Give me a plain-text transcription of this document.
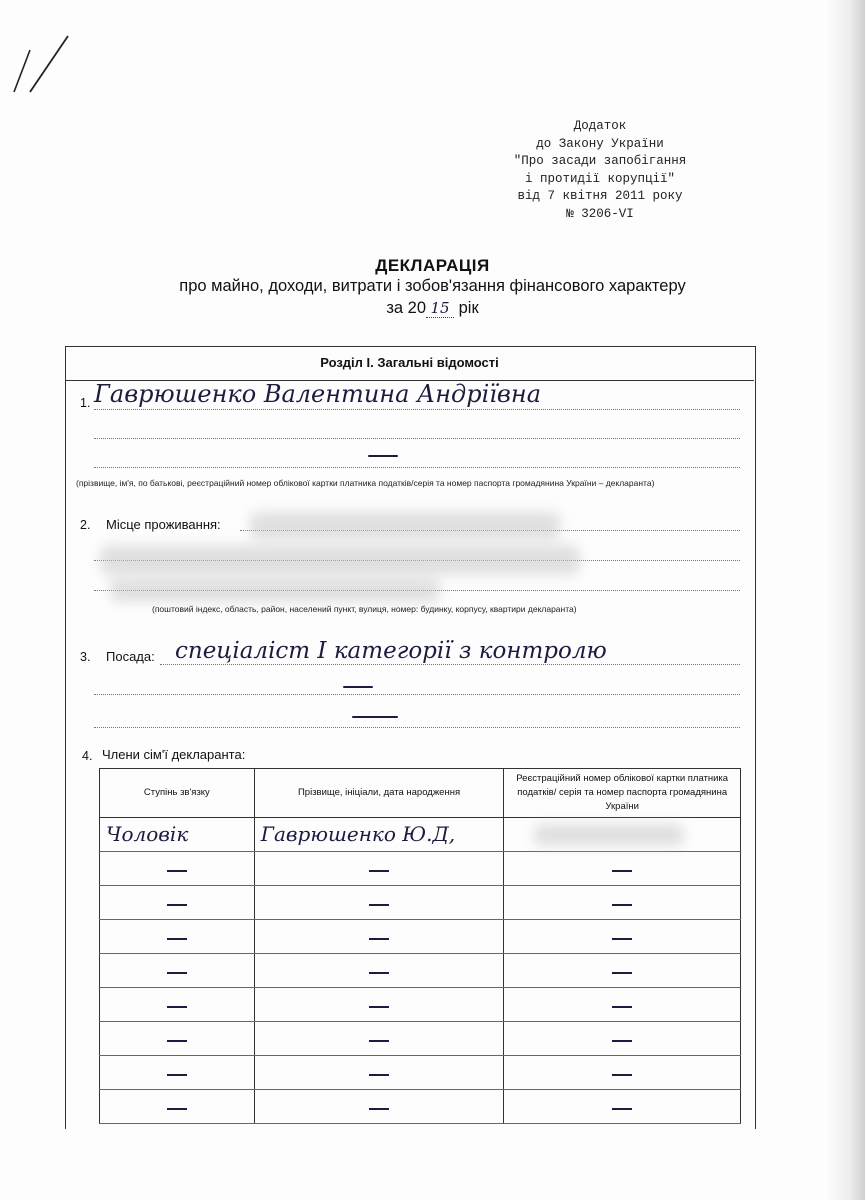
Додаток
до Закону України
"Про засади запобігання
і протидії корупції"
від 7 квітня 2011 року
№ 3206-VI
ДЕКЛАРАЦІЯ
про майно, доходи, витрати і зобов'язання фінансового характеру
за 20 15 рік
Розділ I. Загальні відомості
1. Гаврюшенко Валентина Андріївна
(прізвище, ім'я, по батькові, реєстраційний номер облікової картки платника податків/серія та номер паспорта громадянина України – декларанта)
2. Місце проживання:
(поштовий індекс, область, район, населений пункт, вулиця, номер: будинку, корпусу, квартири декларанта)
3. Посада: спеціаліст I категорії з контролю
4. Члени сім'ї декларанта:
Ступінь зв'язку	Прізвище, ініціали, дата народження	Реєстраційний номер облікової картки платника податків/ серія та номер паспорта громадянина України

Чоловік	Гаврюшенко Ю.Д,	
